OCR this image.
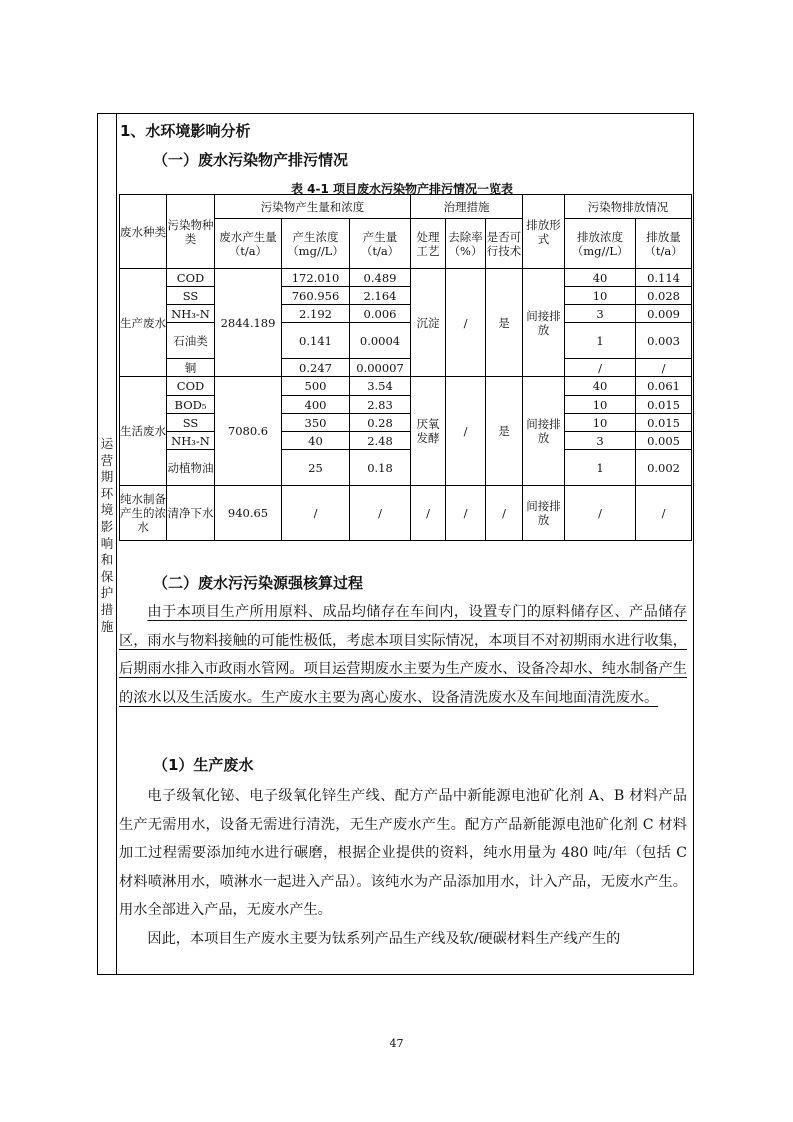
运营期环境影响和保护措施
1、水环境影响分析
（一）废水污染物产排污情况
表 4-1 项目废水污染物产排污情况一览表
废水种类	污染物种类	污染物产生量和浓度			治理措施			排放形式	污染物排放情况	
		废水产生量（t/a）	产生浓度（mg//L）	产生量（t/a）	处理工艺	去除率（%）	是否可行技术		排放浓度（mg//L）	排放量（t/a）
生产废水	COD	2844.189	172.010	0.489	沉淀	/	是	间接排放	40	0.114
	SS		760.956	2.164					10	0.028
	NH₃-N		2.192	0.006					3	0.009
	石油类		0.141	0.0004					1	0.003
	铜		0.247	0.00007					/	/
生活废水	COD	7080.6	500	3.54	厌氧发酵	/	是	间接排放	40	0.061
	BOD₅		400	2.83					10	0.015
	SS		350	0.28					10	0.015
	NH₃-N		40	2.48					3	0.005
	动植物油		25	0.18					1	0.002
纯水制备产生的浓水	清净下水	940.65	/	/	/	/	/	间接排放	/	/
（二）废水污污染源强核算过程

由于本项目生产所用原料、成品均储存在车间内，设置专门的原料储存区、产品储存区，雨水与物料接触的可能性极低，考虑本项目实际情况，本项目不对初期雨水进行收集，后期雨水排入市政雨水管网。项目运营期废水主要为生产废水、设备冷却水、纯水制备产生的浓水以及生活废水。生产废水主要为离心废水、设备清洗废水及车间地面清洗废水。

（1）生产废水

电子级氧化铋、电子级氧化锌生产线、配方产品中新能源电池矿化剂 A、B 材料产品生产无需用水，设备无需进行清洗，无生产废水产生。配方产品新能源电池矿化剂 C 材料加工过程需要添加纯水进行碾磨，根据企业提供的资料，纯水用量为 480 吨/年（包括 C 材料喷淋用水，喷淋水一起进入产品）。该纯水为产品添加用水，计入产品，无废水产生。用水全部进入产品，无废水产生。

因此，本项目生产废水主要为钛系列产品生产线及软/硬碳材料生产线产生的

47
